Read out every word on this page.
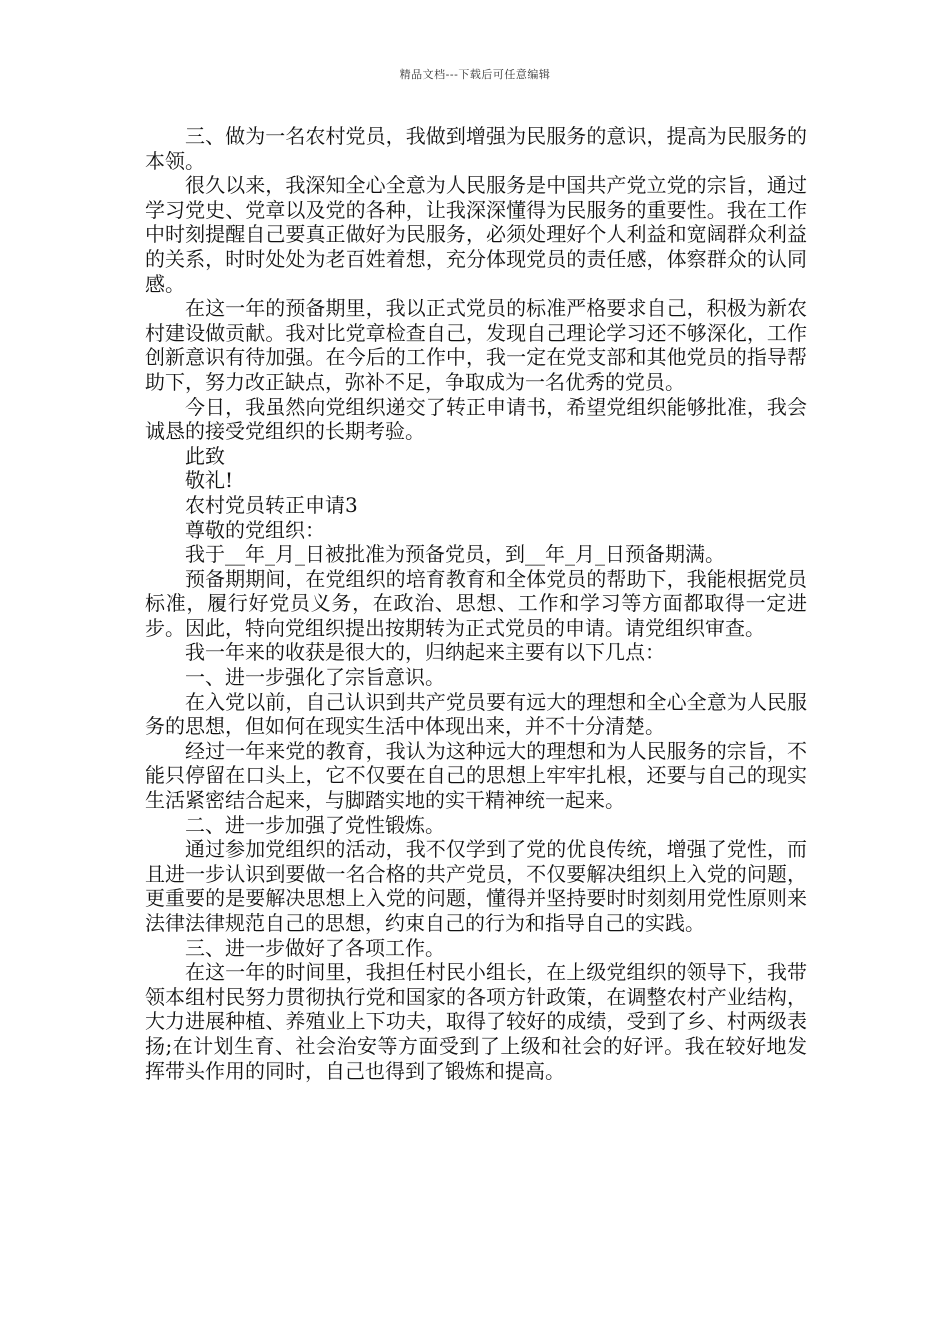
精品文档---下载后可任意编辑

三、做为一名农村党员，我做到增强为民服务的意识，提高为民服务的本领。

很久以来，我深知全心全意为人民服务是中国共产党立党的宗旨，通过学习党史、党章以及党的各种，让我深深懂得为民服务的重要性。我在工作中时刻提醒自己要真正做好为民服务，必须处理好个人利益和宽阔群众利益的关系，时时处处为老百姓着想，充分体现党员的责任感，体察群众的认同感。

在这一年的预备期里，我以正式党员的标准严格要求自己，积极为新农村建设做贡献。我对比党章检查自己，发现自己理论学习还不够深化，工作创新意识有待加强。在今后的工作中，我一定在党支部和其他党员的指导帮助下，努力改正缺点，弥补不足，争取成为一名优秀的党员。

今日，我虽然向党组织递交了转正申请书，希望党组织能够批准，我会诚恳的接受党组织的长期考验。

此致

敬礼!

农村党员转正申请3

尊敬的党组织：

我于__年_月_日被批准为预备党员，到__年_月_日预备期满。

预备期期间，在党组织的培育教育和全体党员的帮助下，我能根据党员标准，履行好党员义务，在政治、思想、工作和学习等方面都取得一定进步。因此，特向党组织提出按期转为正式党员的申请。请党组织审查。

我一年来的收获是很大的，归纳起来主要有以下几点：

一、进一步强化了宗旨意识。

在入党以前，自己认识到共产党员要有远大的理想和全心全意为人民服务的思想，但如何在现实生活中体现出来，并不十分清楚。

经过一年来党的教育，我认为这种远大的理想和为人民服务的宗旨，不能只停留在口头上，它不仅要在自己的思想上牢牢扎根，还要与自己的现实生活紧密结合起来，与脚踏实地的实干精神统一起来。

二、进一步加强了党性锻炼。

通过参加党组织的活动，我不仅学到了党的优良传统，增强了党性，而且进一步认识到要做一名合格的共产党员，不仅要解决组织上入党的问题，更重要的是要解决思想上入党的问题，懂得并坚持要时时刻刻用党性原则来法律法律规范自己的思想，约束自己的行为和指导自己的实践。

三、进一步做好了各项工作。

在这一年的时间里，我担任村民小组长，在上级党组织的领导下，我带领本组村民努力贯彻执行党和国家的各项方针政策，在调整农村产业结构，大力进展种植、养殖业上下功夫，取得了较好的成绩，受到了乡、村两级表扬;在计划生育、社会治安等方面受到了上级和社会的好评。我在较好地发挥带头作用的同时，自己也得到了锻炼和提高。
